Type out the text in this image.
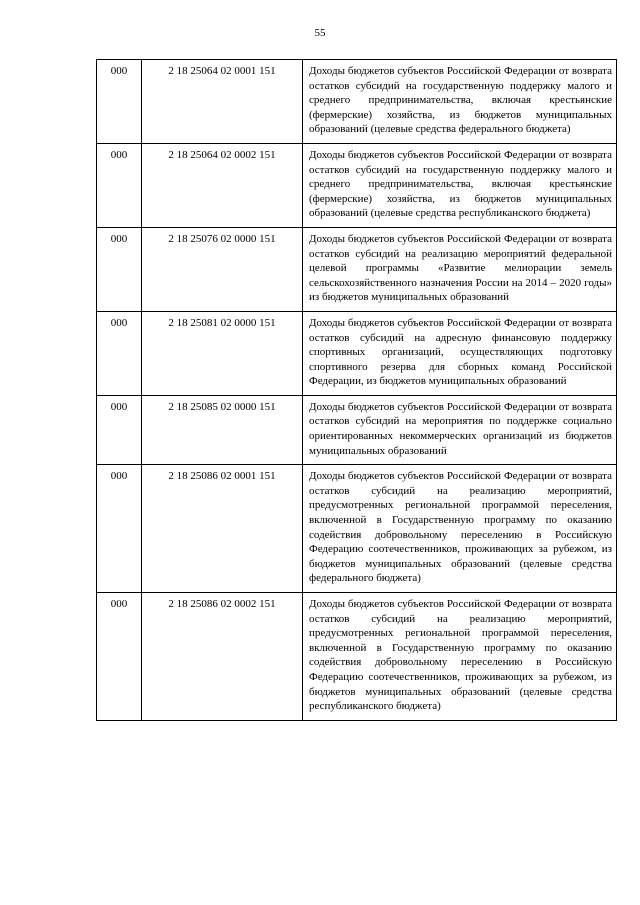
55
000	2 18 25064 02 0001 151	Доходы бюджетов субъектов Российской Федерации от возврата остатков субсидий на государственную поддержку малого и среднего предпринимательства, включая крестьянские (фермерские) хозяйства, из бюджетов муниципальных образований (целевые средства федерального бюджета)
000	2 18 25064 02 0002 151	Доходы бюджетов субъектов Российской Федерации от возврата остатков субсидий на государственную поддержку малого и среднего предпринимательства, включая крестьянские (фермерские) хозяйства, из бюджетов муниципальных образований (целевые средства республиканского бюджета)
000	2 18 25076 02 0000 151	Доходы бюджетов субъектов Российской Федерации от возврата остатков субсидий на реализацию мероприятий федеральной целевой программы «Развитие мелиорации земель сельскохозяйственного назначения России на 2014 – 2020 годы» из бюджетов муниципальных образований
000	2 18 25081 02 0000 151	Доходы бюджетов субъектов Российской Федерации от возврата остатков субсидий на адресную финансовую поддержку спортивных организаций, осуществляющих подготовку спортивного резерва для сборных команд Российской Федерации, из бюджетов муниципальных образований
000	2 18 25085 02 0000 151	Доходы бюджетов субъектов Российской Федерации от возврата остатков субсидий на мероприятия по поддержке социально ориентированных некоммерческих организаций из бюджетов муниципальных образований
000	2 18 25086 02 0001 151	Доходы бюджетов субъектов Российской Федерации от возврата остатков субсидий на реализацию мероприятий, предусмотренных региональной программой переселения, включенной в Государственную программу по оказанию содействия добровольному переселению в Российскую Федерацию соотечественников, проживающих за рубежом, из бюджетов муниципальных образований (целевые средства федерального бюджета)
000	2 18 25086 02 0002 151	Доходы бюджетов субъектов Российской Федерации от возврата остатков субсидий на реализацию мероприятий, предусмотренных региональной программой переселения, включенной в Государственную программу по оказанию содействия добровольному переселению в Российскую Федерацию соотечественников, проживающих за рубежом, из бюджетов муниципальных образований (целевые средства республиканского бюджета)
